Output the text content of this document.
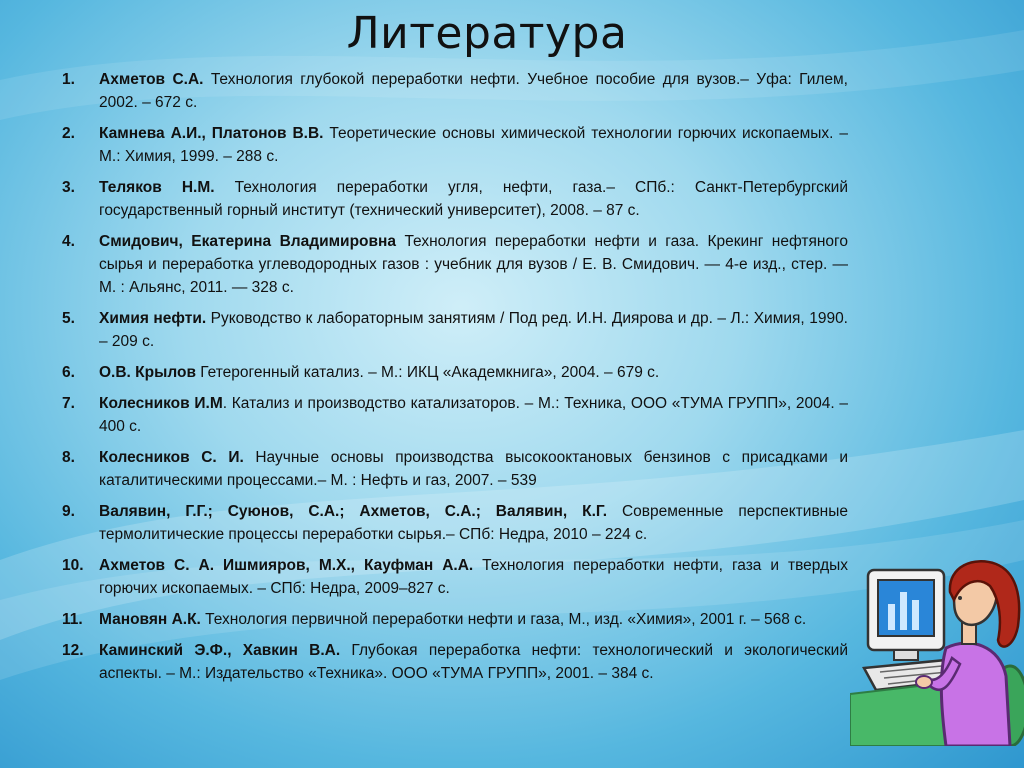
Литература
1. Ахметов С.А. Технология глубокой переработки нефти. Учебное пособие для вузов.– Уфа: Гилем, 2002. – 672 с.
2. Камнева А.И., Платонов В.В. Теоретические основы химической технологии горючих ископаемых. – М.: Химия, 1999. – 288 с.
3. Теляков Н.М. Технология переработки угля, нефти, газа.– СПб.: Санкт-Петербургский государственный горный институт (технический университет), 2008. – 87 с.
4. Смидович, Екатерина Владимировна Технология переработки нефти и газа. Крекинг нефтяного сырья и переработка углеводородных газов : учебник для вузов / Е. В. Смидович. — 4-е изд., стер. — М. : Альянс, 2011. — 328 с.
5. Химия нефти. Руководство к лабораторным занятиям / Под ред. И.Н. Диярова и др. – Л.: Химия, 1990. – 209 с.
6. О.В. Крылов Гетерогенный катализ. – М.: ИКЦ «Академкнига», 2004. – 679 с.
7. Колесников И.М. Катализ и производство катализаторов. – М.: Техника, ООО «ТУМА ГРУПП», 2004. – 400 с.
8. Колесников С. И. Научные основы производства высокооктановых бензинов с присадками и каталитическими процессами.– М. : Нефть и газ, 2007. – 539
9. Валявин, Г.Г.; Суюнов, С.А.; Ахметов, С.А.; Валявин, К.Г. Современные перспективные термолитические процессы переработки сырья.– СПб: Недра, 2010 – 224 с.
10. Ахметов С. А. Ишмияров, М.Х., Кауфман А.А. Технология переработки нефти, газа и твердых горючих ископаемых. – СПб: Недра, 2009–827 с.
11. Мановян А.К. Технология первичной переработки нефти и газа, М., изд. «Химия», 2001 г. – 568 с.
12. Каминский Э.Ф., Хавкин В.А. Глубокая переработка нефти: технологический и экологический аспекты. – М.: Издательство «Техника». ООО «ТУМА ГРУПП», 2001. – 384 с.
